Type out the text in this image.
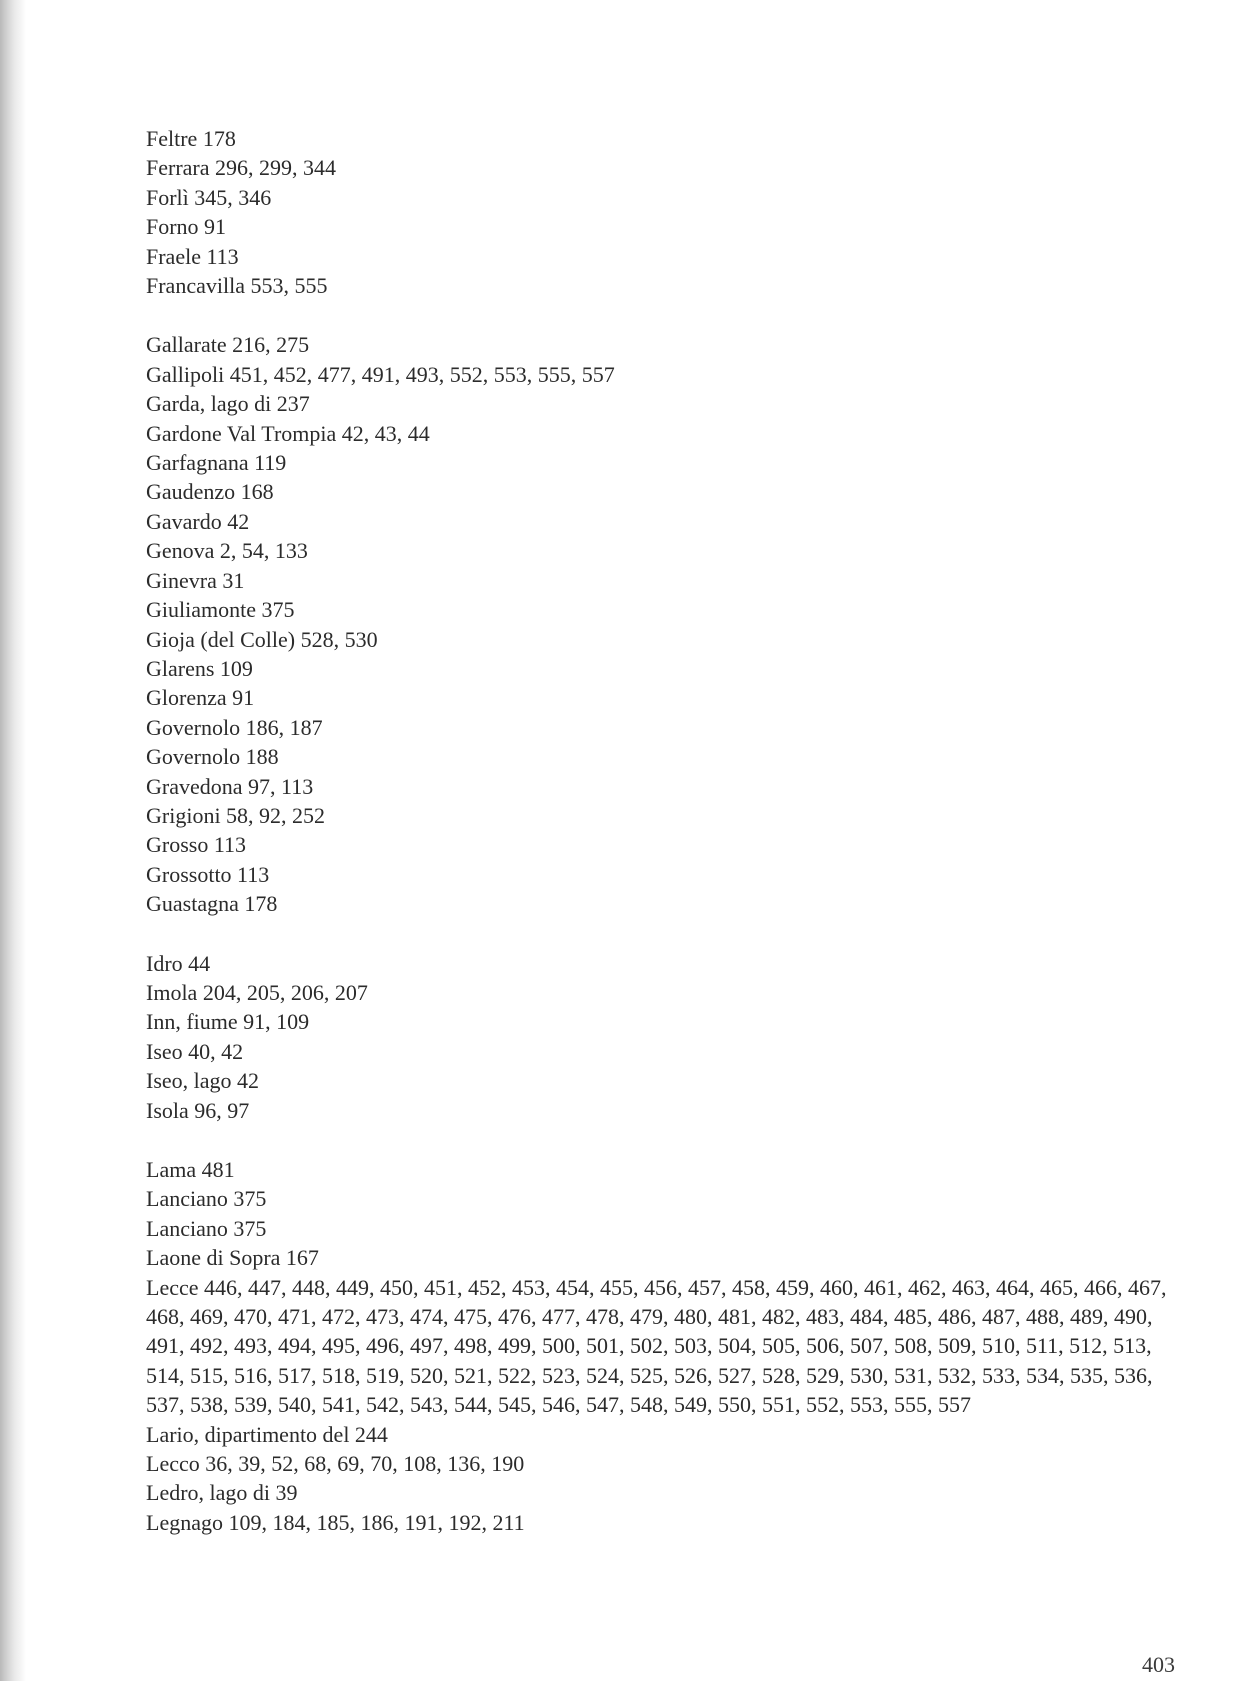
Feltre 178

Ferrara 296, 299, 344

Forlì 345, 346

Forno 91

Fraele 113

Francavilla 553, 555

Gallarate 216, 275

Gallipoli 451, 452, 477, 491, 493, 552, 553, 555, 557

Garda, lago di 237

Gardone Val Trompia 42, 43, 44

Garfagnana 119

Gaudenzo 168

Gavardo 42

Genova 2, 54, 133

Ginevra 31

Giuliamonte 375

Gioja (del Colle) 528, 530

Glarens 109

Glorenza 91

Governolo 186, 187

Governolo 188

Gravedona 97, 113

Grigioni 58, 92, 252

Grosso 113

Grossotto 113

Guastagna 178

Idro 44

Imola 204, 205, 206, 207

Inn, fiume 91, 109

Iseo 40, 42

Iseo, lago 42

Isola 96, 97

Lama 481

Lanciano 375

Lanciano 375

Laone di Sopra 167

Lecce 446, 447, 448, 449, 450, 451, 452, 453, 454, 455, 456, 457, 458, 459, 460, 461, 462, 463, 464, 465, 466, 467, 468, 469, 470, 471, 472, 473, 474, 475, 476, 477, 478, 479, 480, 481, 482, 483, 484, 485, 486, 487, 488, 489, 490, 491, 492, 493, 494, 495, 496, 497, 498, 499, 500, 501, 502, 503, 504, 505, 506, 507, 508, 509, 510, 511, 512, 513, 514, 515, 516, 517, 518, 519, 520, 521, 522, 523, 524, 525, 526, 527, 528, 529, 530, 531, 532, 533, 534, 535, 536, 537, 538, 539, 540, 541, 542, 543, 544, 545, 546, 547, 548, 549, 550, 551, 552, 553, 555, 557

Lario, dipartimento del 244

Lecco 36, 39, 52, 68, 69, 70, 108, 136, 190

Ledro, lago di 39

Legnago 109, 184, 185, 186, 191, 192, 211

403
